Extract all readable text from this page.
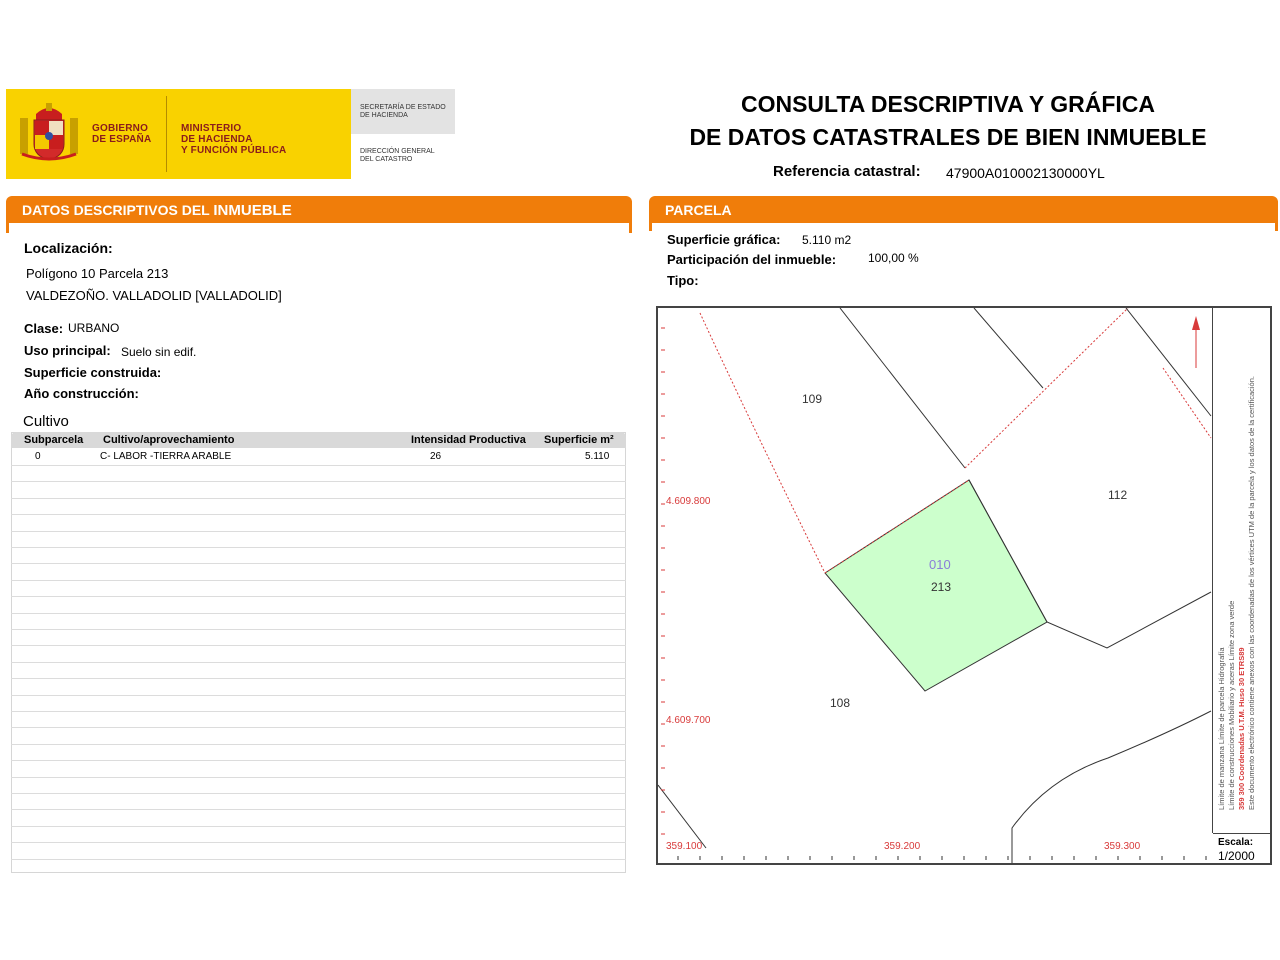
GOBIERNO
DE ESPAÑA
MINISTERIO
DE HACIENDA
Y FUNCIÓN PÚBLICA
SECRETARÍA DE ESTADO
DE HACIENDA
DIRECCIÓN GENERAL
DEL CATASTRO
CONSULTA DESCRIPTIVA Y GRÁFICA
DE DATOS CATASTRALES DE BIEN INMUEBLE
Referencia catastral: 47900A010002130000YL
DATOS DESCRIPTIVOS DEL INMUEBLE
Localización:
Polígono 10 Parcela 213
VALDEZOÑO. VALLADOLID [VALLADOLID]
Clase: URBANO
Uso principal: Suelo sin edif.
Superficie construida:
Año construcción:
Cultivo
Subparcela Cultivo/aprovechamiento	Intensidad Productiva Superficie m²
0	C- LABOR -TIERRA ARABLE	26	5.110
PARCELA
Superficie gráfica: 5.110 m2
Participación del inmueble:	100,00 %
Tipo:
109
112
108
010
213
4.609.800
4.609.700
359.100	359.200	359.300
Límite de manzana Límite de parcela Hidrografía Límite de construcciones Mobiliario y aceras Límite zona verde 359 300 Coordenadas U.T.M. Huso 30 ETRS89 Este documento electrónico contiene anexos con las coordenadas de los vértices UTM de la parcela y los datos de la certificación.
Escala:
1/2000
